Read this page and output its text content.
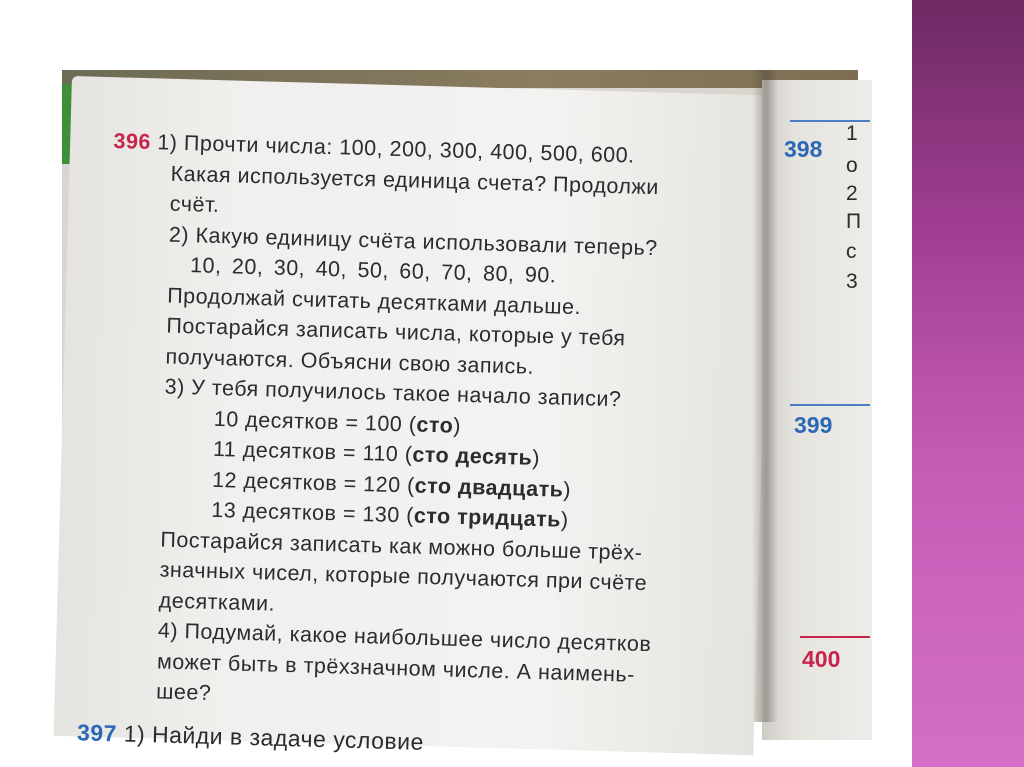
396 1) Прочти числа: 100, 200, 300, 400, 500, 600.
Какая используется единица счета? Продолжи
счёт.
2) Какую единицу счёта использовали теперь?
10, 20, 30, 40, 50, 60, 70, 80, 90.
Продолжай считать десятками дальше.
Постарайся записать числа, которые у тебя
получаются. Объясни свою запись.
3) У тебя получилось такое начало записи?
10 десятков = 100 (сто)
11 десятков = 110 (сто десять)
12 десятков = 120 (сто двадцать)
13 десятков = 130 (сто тридцать)
Постарайся записать как можно больше трёх-
значных чисел, которые получаются при счёте
десятками.
4) Подумай, какое наибольшее число десятков
может быть в трёхзначном числе. А наимень-
шее?
397 1) Найди в задаче условие
398
1
о
2
П
с
3
399
400
